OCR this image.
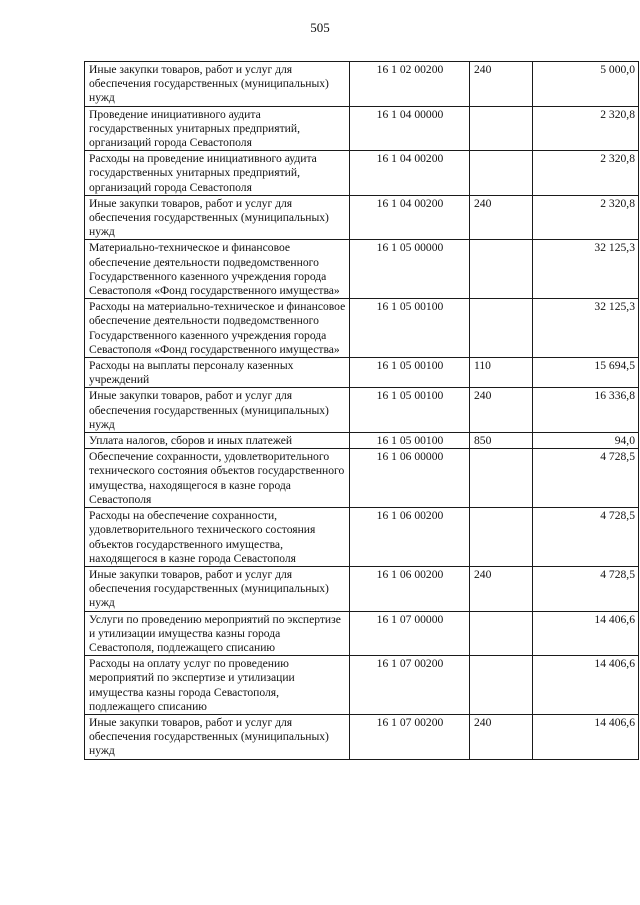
505
Иные закупки товаров, работ и услуг для обеспечения государственных (муниципальных) нужд	16 1 02 00200	240	5 000,0
Проведение инициативного аудита государственных унитарных предприятий, организаций города Севастополя	16 1 04 00000		2 320,8
Расходы на проведение инициативного аудита государственных унитарных предприятий, организаций города Севастополя	16 1 04 00200		2 320,8
Иные закупки товаров, работ и услуг для обеспечения государственных (муниципальных) нужд	16 1 04 00200	240	2 320,8
Материально-техническое и финансовое обеспечение деятельности подведомственного Государственного казенного учреждения города Севастополя «Фонд государственного имущества»	16 1 05 00000		32 125,3
Расходы на материально-техническое и финансовое обеспечение деятельности подведомственного Государственного казенного учреждения города Севастополя «Фонд государственного имущества»	16 1 05 00100		32 125,3
Расходы на выплаты персоналу казенных учреждений	16 1 05 00100	110	15 694,5
Иные закупки товаров, работ и услуг для обеспечения государственных (муниципальных) нужд	16 1 05 00100	240	16 336,8
Уплата налогов, сборов и иных платежей	16 1 05 00100	850	94,0
Обеспечение сохранности, удовлетворительного технического состояния объектов государственного имущества, находящегося в казне города Севастополя	16 1 06 00000		4 728,5
Расходы на обеспечение сохранности, удовлетворительного технического состояния объектов государственного имущества, находящегося в казне города Севастополя	16 1 06 00200		4 728,5
Иные закупки товаров, работ и услуг для обеспечения государственных (муниципальных) нужд	16 1 06 00200	240	4 728,5
Услуги по проведению мероприятий по экспертизе и утилизации имущества казны города Севастополя, подлежащего списанию	16 1 07 00000		14 406,6
Расходы на оплату услуг по проведению мероприятий по экспертизе и утилизации имущества казны города Севастополя, подлежащего списанию	16 1 07 00200		14 406,6
Иные закупки товаров, работ и услуг для обеспечения государственных (муниципальных) нужд	16 1 07 00200	240	14 406,6
